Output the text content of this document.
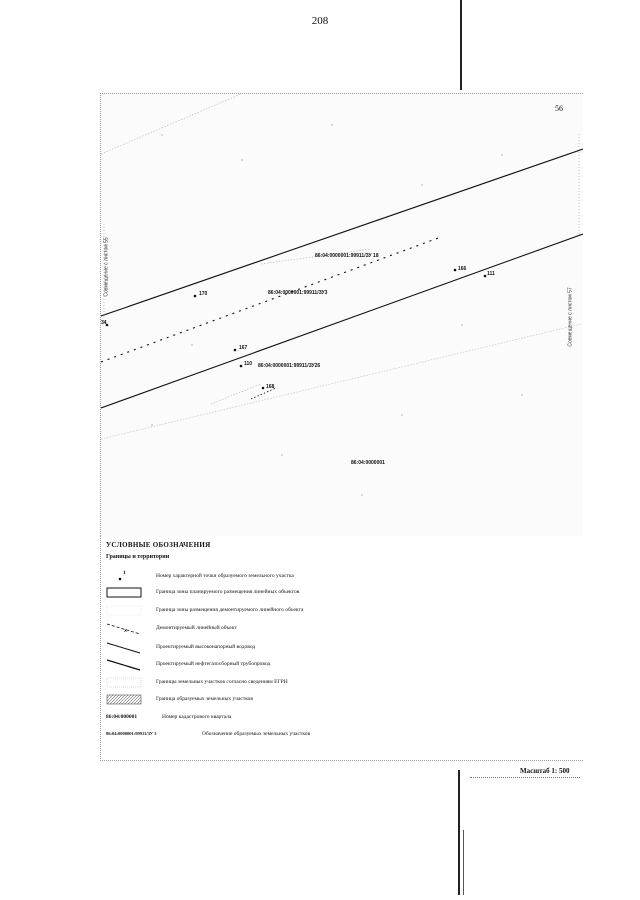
208
56
86:04:0000001:99911/ЗУ 18
86:04:0000001:99911/ЗУ3
86:04:0000001:99911/ЗУ26
86:04:0000001
170
34
167
110
168
166
111
Совмещение с листом 55
Совмещение с листом 57
УСЛОВНЫЕ ОБОЗНАЧЕНИЯ
Границы и территории
1	Номер характерной точки образуемого земельного участка
Граница зоны планируемого размещения линейных объектов
Граница зоны размещения демонтируемого линейного объекта
x	Демонтируемый линейный объект
Проектируемый высоконапорный водовод
Проектируемый нефтегазосборный трубопровод
Границы земельных участков согласно сведениям ЕГРН
Граница образуемых земельных участков
86:04:000001	Номер кадастрового квартала
86:04:0000001:99911/ЗУ 3	Обозначение образуемых земельных участков
Масштаб 1: 500
